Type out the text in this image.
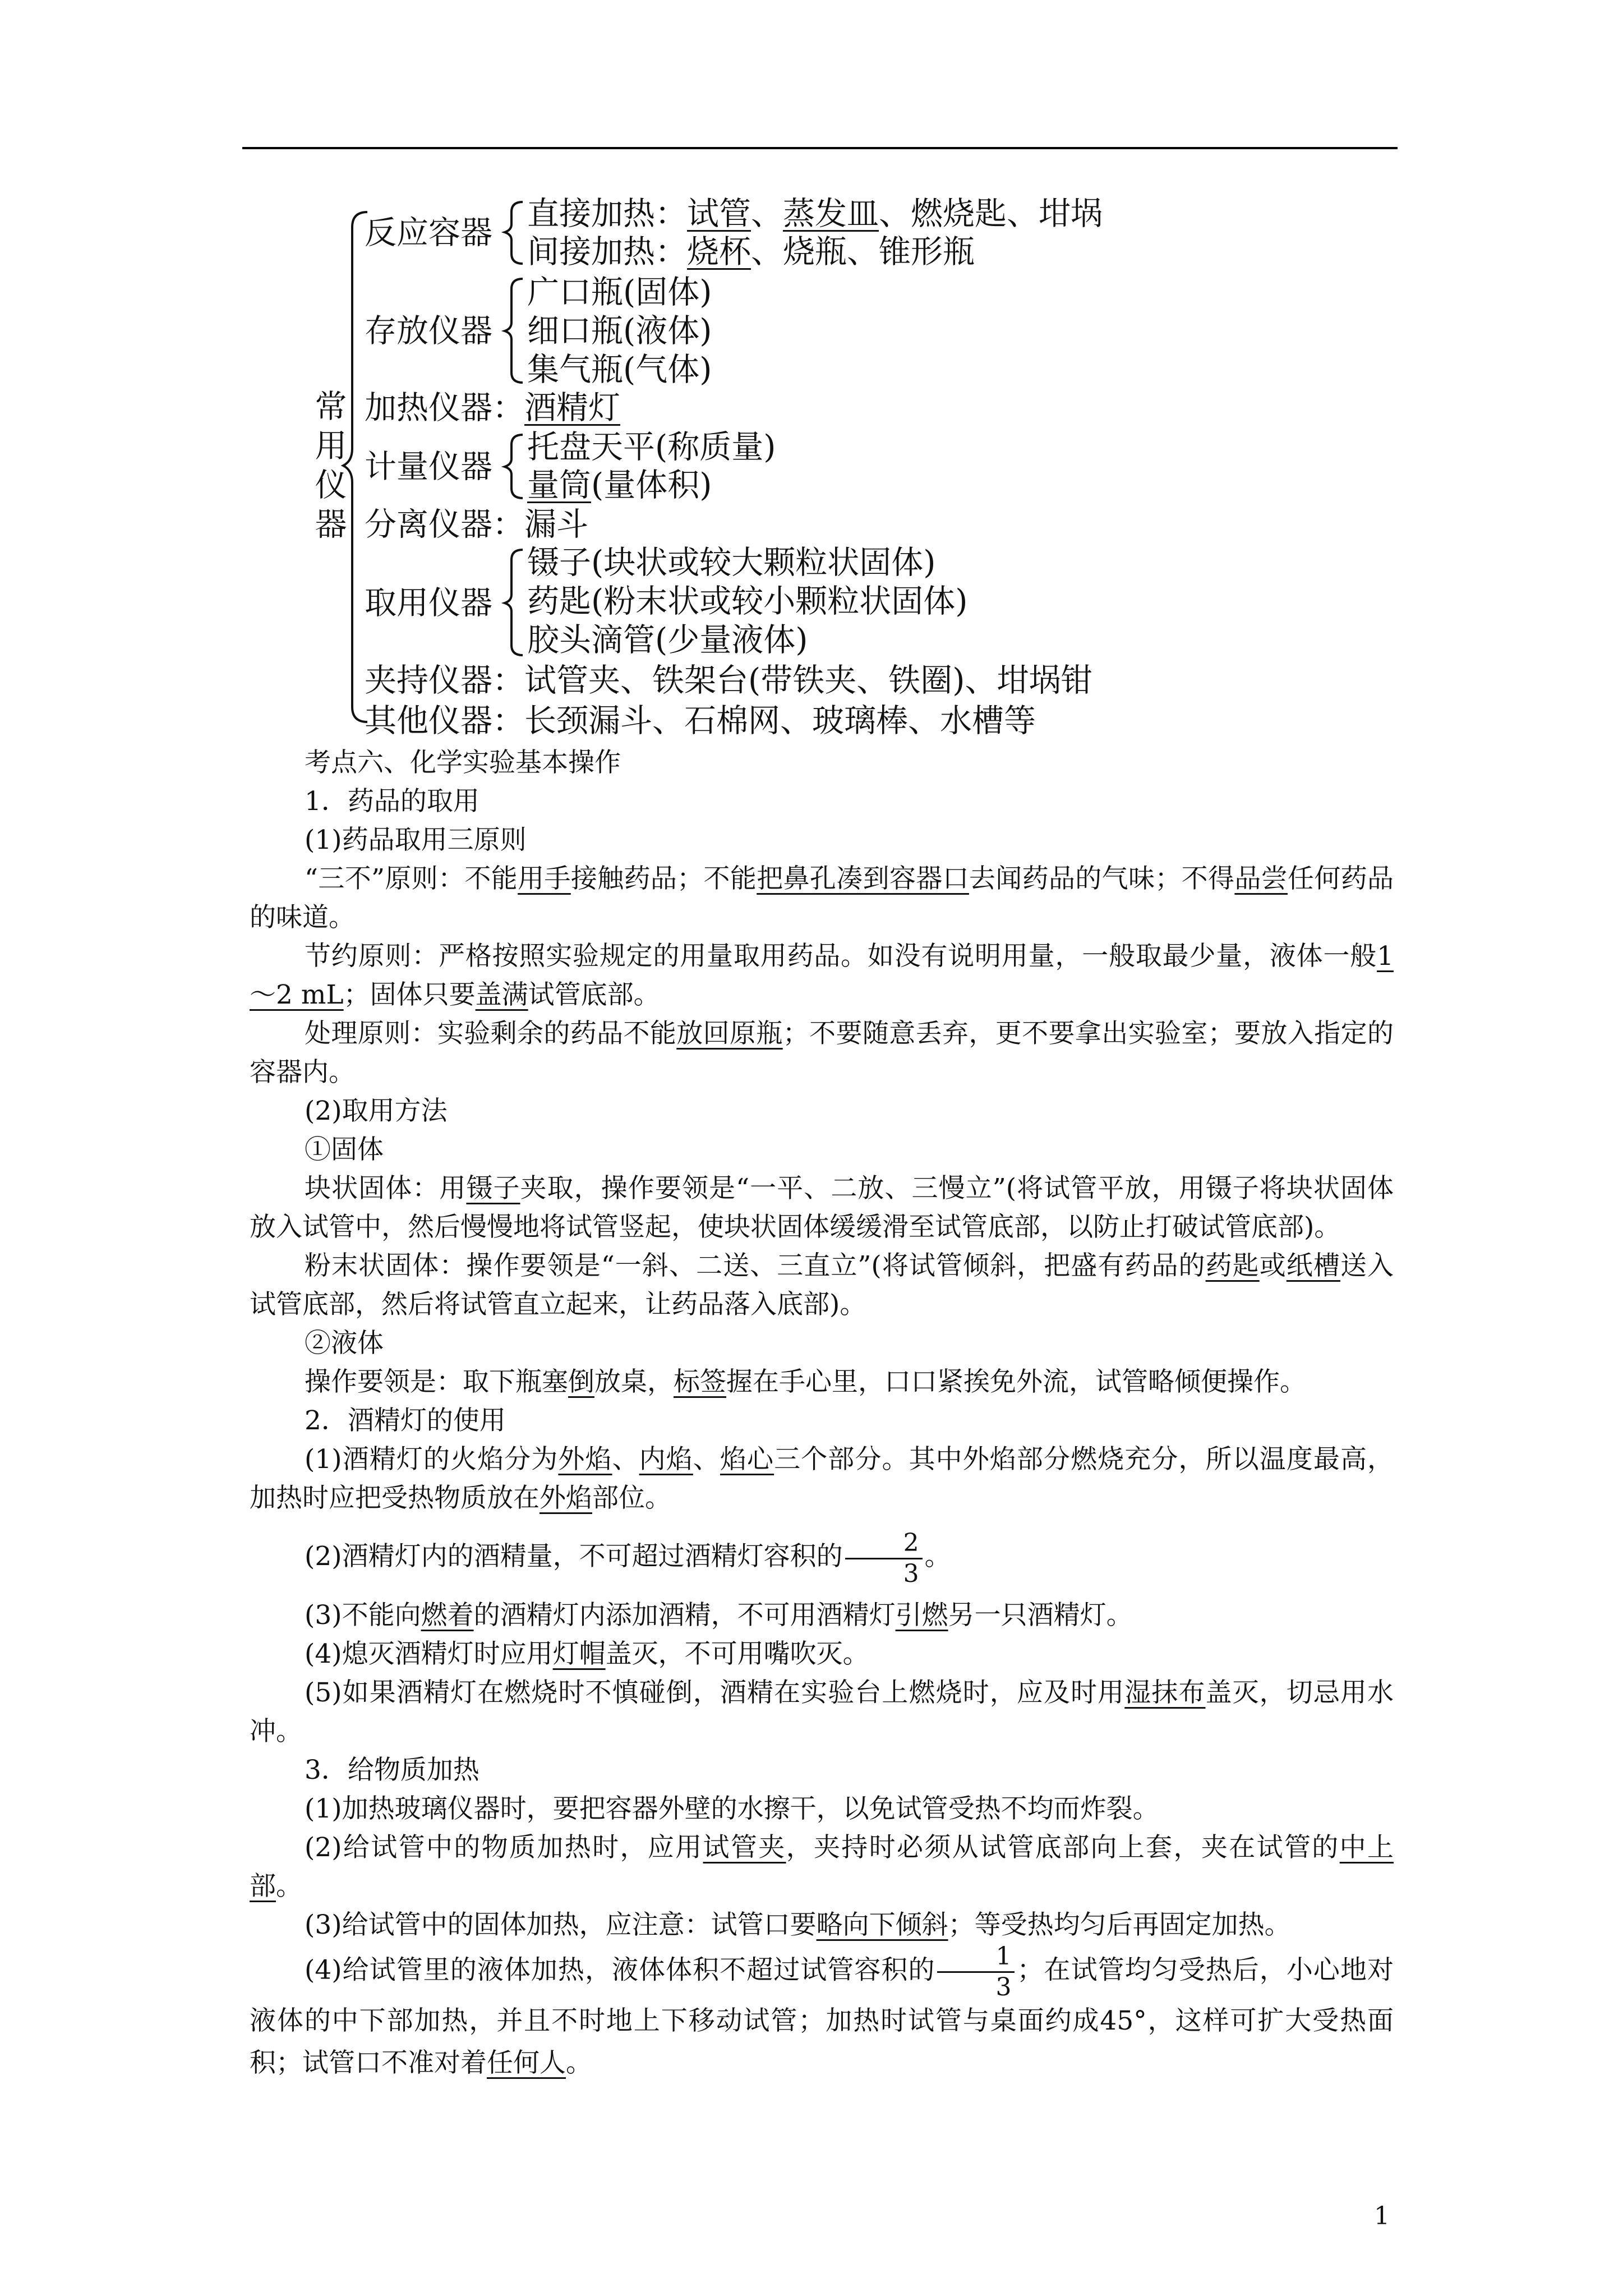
常
用
仪
器
反应容器
直接加热：试管、蒸发皿、燃烧匙、坩埚
间接加热：烧杯、烧瓶、锥形瓶
存放仪器
广口瓶(固体)
细口瓶(液体)
集气瓶(气体)
加热仪器：酒精灯
计量仪器
托盘天平(称质量)
量筒(量体积)
分离仪器：漏斗
取用仪器
镊子(块状或较大颗粒状固体)
药匙(粉末状或较小颗粒状固体)
胶头滴管(少量液体)
夹持仪器：试管夹、铁架台(带铁夹、铁圈)、坩埚钳
其他仪器：长颈漏斗、石棉网、玻璃棒、水槽等

考点六、化学实验基本操作

1．药品的取用

(1)药品取用三原则

“三不”原则：不能用手接触药品；不能把鼻孔凑到容器口去闻药品的气味；不得品尝任何药品的味道。

节约原则：严格按照实验规定的用量取用药品。如没有说明用量，一般取最少量，液体一般1～2 mL；固体只要盖满试管底部。

处理原则：实验剩余的药品不能放回原瓶；不要随意丢弃，更不要拿出实验室；要放入指定的容器内。

(2)取用方法

①固体

块状固体：用镊子夹取，操作要领是“一平、二放、三慢立”(将试管平放，用镊子将块状固体放入试管中，然后慢慢地将试管竖起，使块状固体缓缓滑至试管底部，以防止打破试管底部)。

粉末状固体：操作要领是“一斜、二送、三直立”(将试管倾斜，把盛有药品的药匙或纸槽送入试管底部，然后将试管直立起来，让药品落入底部)。

②液体

操作要领是：取下瓶塞倒放桌，标签握在手心里，口口紧挨免外流，试管略倾便操作。

2．酒精灯的使用

(1)酒精灯的火焰分为外焰、内焰、焰心三个部分。其中外焰部分燃烧充分，所以温度最高，加热时应把受热物质放在外焰部位。

(2)酒精灯内的酒精量，不可超过酒精灯容积的 $\frac{2}{3}$ 。

(3)不能向燃着的酒精灯内添加酒精，不可用酒精灯引燃另一只酒精灯。

(4)熄灭酒精灯时应用灯帽盖灭，不可用嘴吹灭。

(5)如果酒精灯在燃烧时不慎碰倒，酒精在实验台上燃烧时，应及时用湿抹布盖灭，切忌用水冲。

3．给物质加热

(1)加热玻璃仪器时，要把容器外壁的水擦干，以免试管受热不均而炸裂。

(2)给试管中的物质加热时，应用试管夹，夹持时必须从试管底部向上套，夹在试管的中上部。

(3)给试管中的固体加热，应注意：试管口要略向下倾斜；等受热均匀后再固定加热。

(4)给试管里的液体加热，液体体积不超过试管容积的 $\frac{1}{3}$ ；在试管均匀受热后，小心地对液体的中下部加热，并且不时地上下移动试管；加热时试管与桌面约成45°，这样可扩大受热面积；试管口不准对着任何人。

1
